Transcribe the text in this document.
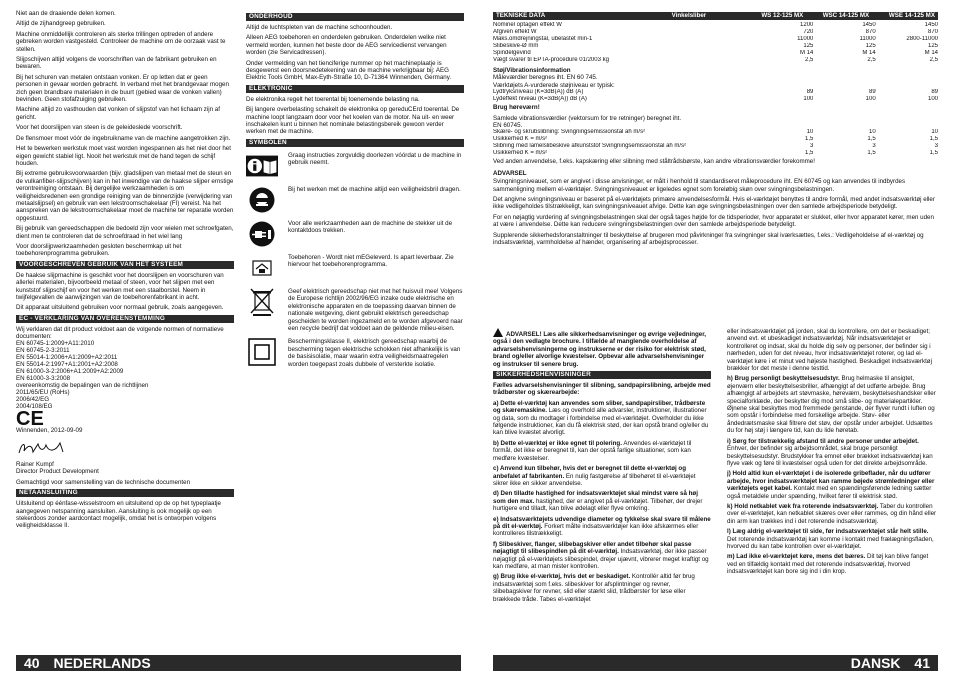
Niet aan de draaiende delen komen.

Altijd de zijhandgreep gebruiken.

Machine onmiddellijk controleren als sterke trillingen optreden of andere gebreken worden vastgesteld. Controleer de machine om de oorzaak vast te stellen.

Slijpschijven altijd volgens de voorschriften van de fabrikant gebruiken en bewaren.

Bij het schuren van metalen ontstaan vonken. Er op letten dat er geen personen in gevaar worden gebracht. In verband met het brandgevaar mogen zich geen brandbare materialen in de buurt (gebied waar de vonken vallen) bevinden. Geen stofafzuiging gebruiken.

Machine altijd zo vasthouden dat vonken of slijpstof van het lichaam zijn af gericht.

Voor het doorslijpen van steen is de geleideslede voorschrift.

De flensmoer moet vóór de ingebruikname van de machine aangetrokken zijn.

Het te bewerken werkstuk moet vast worden ingespannen als het niet door het eigen gewicht stabiel ligt. Nooit het werkstuk met de hand tegen de schijf houden.

Bij extreme gebruiksvoorwaarden (bijv. gladslijpen van metaal met de steun en de vulkanfiber-slijpschijven) kan in het inwendige van de haakse slijper ernstige verontreiniging ontstaan. Bij dergelijke werkzaamheden is om veiligheidsredenen een grondige reiniging van de binnenzijde (verwijdering van metaalslijpsel) en gebruik van een lekstroomschakelaar (FI) vereist. Na het aanspreken van de lekstroomschakelaar moet de machine ter reparatie worden opgestuurd.

Bij gebruik van gereedschappen die bedoeld zijn voor wielen met schroefgaten, dient men te controleren dat de schroefdraad in het wiel lang

Voor doorslijpwerkzaamheden gesloten beschermkap uit het toebehorenprogramma gebruiken.

VOORGESCHREVEN GEBRUIK VAN HET SYSTEEM

De haakse slijpmachine is geschikt voor het doorslijpen en voorschuren van allerlei materialen, bijvoorbeeld metaal of steen, voor het slijpen met een kunststof slijpschijf en voor het werken met een staalborstel. Neem in twijfelgevallen de aanwijzingen van de toebehorenfabrikant in acht.

Dit apparaat uitsluitend gebruiken voor normaal gebruik, zoals aangegeven.

EC - VERKLARING VAN OVEREENSTEMMING
Wij verklaren dat dit product voldoet aan de volgende normen of normatieve documenten:
EN 60745-1:2009+A11:2010
EN 60745-2-3:2011
EN 55014-1:2006+A1:2009+A2:2011
EN 55014-2:1997+A1:2001+A2:2008
EN 61000-3-2:2006+A1:2009+A2:2009
EN 61000-3-3:2008
overeenkomstig de bepalingen van de richtlijnen
2011/65/EU (RoHs)
2006/42/EG
2004/108/EG
CE

Winnenden, 2012-09-09

Rainer Kumpf

Director Product Development

Gemachtigd voor samenstelling van de technische documenten

NETAANSLUITING

Uitsluitend op éénfase-wisselstroom en uitsluitend op de op het typeplaatje aangegeven netspanning aansluiten. Aansluiting is ook mogelijk op een stekerdoos zonder aardcontact mogelijk, omdat het is ontworpen volgens veiligheidsklasse II.

ONDERHOUD

Altijd de luchtspleten van de machine schoonhouden.

Alleen AEG toebehoren en onderdelen gebruiken. Onderdelen welke niet vermeld worden, kunnen het beste door de AEG servicedienst vervangen worden (zie Servicadressen).

Onder vermelding van het tienciferige nummer op het machineplaatje is desgewenst een doorsnedetekening van de machine verkrijgbaar bij: AEG Elektric Tools GmbH, Max-Eyth-Straße 10, D-71364 Winnenden, Germany.

ELEKTRONIC

De elektronika regelt het toerental bij toenemende belasting na.

Bij langere overbelasting schakelt de elektronika op gereduCErd toerental. De machine loopt langzaam door voor het koelen van de motor. Na uit- en weer inschakelen kunt u binnen het nominale belastingsbereik gewoon verder werken met de machine.

SYMBOLEN
Graag instructies zorgvuldig doorlezen vóórdat u de machine in gebruik neemt.
Bij het werken met de machine altijd een veiligheidsbril dragen.
Voor alle werkzaamheden aan de machine de stekker uit de kontaktdoos trekken.
Toebehoren - Wordt niet mEGeleverd. Is apart leverbaar. Zie hiervoor het toebehorenprogramma.
Geef elektrisch gereedschap niet met het huisvuil mee! Volgens de Europese richtlijn 2002/96/EG inzake oude elektrische en elektronische apparaten en de toepassing daarvan binnen de nationale wetgeving, dient gebruikt elektrisch gereedschap gescheiden te worden ingezameld en te worden afgevoerd naar een recycle bedrijf dat voldoet aan de geldende milieu-eisen.
Beschermingsklasse II, elektrisch gereedschap waarbij de bescherming tegen elektrische schokken niet afhankelijk is van de basisisolatie, maar waarin extra veiligheidsmaatregelen worden toegepast zoals dubbele of versterkte isolatie.
40 NEDERLANDS
TEKNISKE DATA	Vinkelsliber	WS 12-125 MX	WSC 14-125 MX	WSE 14-125 MX
Nominel optagen effekt W		1200	1450	1450
Afgiven effekt W		720	870	870
Maks.omdrejningstal, ubelastet min-1		11000	11000	2800-11000
Slibeskive-Ø mm		125	125	125
Spindelgevind		M 14	M 14	M 14
Vægt svarer til EPTA-procedure 01/2003 kg		2,5	2,5	2,5

Støj/Vibrationsinformation

Måleværdier beregnes iht. EN 60 745.
Værktøjets A-vurderede støjniveau er typisk:
Lydtryksniveau (K=3dB(A)) dB (A)		89	89	89
Lydeffekt niveau (K=3dB(A)) dB (A)		100	100	100

Brug høreværn!

Samlede vibrationsværdier (vektorsum for tre retninger) beregnet iht.
EN 60745.
Skære- og skrubslibning: Svingningsemissionstal ah m/s²		10	10	10
Usikkerhed K = m/s²		1,5	1,5	1,5
Slibning med lamelslibeskive afkunststof Svingningsemissionstal ah m/s²		3	3	3
Usikkerhed K = m/s²		1,5	1,5	1,5

Ved anden anvendelse, f.eks. kapskæring eller slibning med ståltrådsbørste, kan andre vibrationsværdier forekomme!

ADVARSEL

Svingningsniveauet, som er angivet i disse anvisninger, er målt i henhold til standardiseret måleprocedure iht. EN 60745 og kan anvendes til indbyrdes sammenligning mellem el-værktøjer. Svingningsniveauet er ligeledes egnet som foreløbig skøn over svingningsbelastningen.

Det angivne svingningsniveau er baseret på el-værktøjets primære anvendelsesformål. Hvis el-værktøjet benyttes til andre formål, med andet indsatsværktøj eller ikke vedligeholdes tilstrækkeligt, kan svingningsniveauet afvige. Dette kan øge svingningsbelastningen over den samlede arbejdsperiode betydeligt.

For en nøjagtig vurdering af svingningsbelastningen skal der også tages højde for de tidsperioder, hvor apparatet er slukket, eller hvor apparatet kører, men uden at være i anvendelse. Dette kan reducere svingningsbelastningen over den samlede arbejdsperiode betydeligt.

Supplerende sikkerhedsforanstaltninger til beskyttelse af brugeren mod påvirkninger fra svingninger skal iværksættes, f.eks.: Vedligeholdelse af el-værktøj og indsatsværktøj, varmholdelse af hænder, organisering af arbejdsprocesser.

ADVARSEL! Læs alle sikkerhedsanvisninger og øvrige vejledninger, også i den vedlagte brochure. I tilfælde af manglende overholdelse af advarselshenvisningerne og instrukserne er der risiko for elektrisk stød, brand og/eller alvorlige kvæstelser. Opbevar alle advarselshenvisninger og instrukser til senere brug.

SIKKERHEDSHENVISNINGER

Fælles advarselshenvisninger til slibning, sandpapirslibning, arbejde med trådbørster og skærearbejde:

a) Dette el-værktøj kan anvendes som sliber, sandpapirsliber, trådbørste og skæremaskine. Læs og overhold alle advarsler, instruktioner, illustrationer og data, som du modtager i forbindelse med el-værktøjet. Overholder du ikke følgende instruktioner, kan du få elektrisk stød, der kan opstå brand og/eller du kan blive kvæstet alvorligt.

b) Dette el-værktøj er ikke egnet til polering. Anvendes el-værktøjet til formål, det ikke er beregnet til, kan der opstå farlige situationer, som kan medføre kvæstelser.

c) Anvend kun tilbehør, hvis det er beregnet til dette el-værktøj og anbefalet af fabrikanten. En nulig fastgørelse af tilbehøret til el-værktøjet sikrer ikke en sikker anvendelse.

d) Den tilladte hastighed for indsatsværktøjet skal mindst være så høj som den max. hastighed, der er angivet på el-værktøjet. Tilbehør, der drejer hurtigere end tilladt, kan blive ødelagt eller flyve omkring.

e) Indsatsværktøjets udvendige diameter og tykkelse skal svare til målene på dit el-værktøj. Forkert målte indsatsværktøjer kan ikke afskærmes eller kontrolleres tilstrækkeligt.

f) Slibeskiver, flanger, slibebagskiver eller andet tilbehør skal passe nøjagtigt til slibespindlen på dit el-værktøj. Indsatsværktøj, der ikke passer nøjagtigt på el-værktøjets slibespindel, drejer ujævnt, vibrerer meget kraftigt og kan medføre, at man mister kontrollen.

g) Brug ikke el-værktøj, hvis det er beskadiget. Kontrollér altid før brug indsatsværktøj som f.eks. slibeskiver for afsplintninger og revner, slibebagskiver for revner, slid eller stærkt slid, trådbørster for løse eller brækkede tråde. Tabes el-værktøjet

eller indsatsværktøjet på jorden, skal du kontrollere, om det er beskadiget; anvend evt. et ubeskadiget indsatsværktøj. Når indsatsværktøjet er kontrolleret og indsat, skal du holde dig selv og personer, der befinder sig i nærheden, uden for det niveau, hvor indsatsværktøjet roterer, og lad el-værktøjet køre i et minut ved højeste hastighed. Beskadiget indsatsværktøj brækker for det meste i denne testtid.

h) Brug personligt beskyttelsesudstyr. Brug helmaske til ansigtet, øjenværn eller beskyttelsesbriller, afhængigt af det udførte arbejde. Brug afhængigt af arbejdets art støvmaske, høreværn, beskyttelseshandsker eller specialforklæde, der beskytter dig mod små slibe- og materialepartikler. Øjnene skal beskyttes mod fremmede genstande, der flyver rundt i luften og som opstår i forbindelse med forskellige arbejde. Støv- eller åndedrætsmaske skal filtrere det støv, der opstår under arbejdet. Udsættes du for høj støj i længere tid, kan du lide høretab.

i) Sørg for tilstrækkelig afstand til andre personer under arbejdet. Enhver, der befinder sig arbejdsområdet, skal bruge personligt beskyttelsesudstyr. Brudstykker fra emnet eller brækket indsatsværktøj kan flyve væk og føre til kvæstelser også uden for det direkte arbejdsområde.

j) Hold altid kun el-værktøjet i de isolerede gribeflader, når du udfører arbejde, hvor indsatsværktøjet kan ramme bøjede strømledninger eller værktøjets eget kabel. Kontakt med en spændingsførende ledning sætter også metaldele under spænding, hvilket fører til elektrisk stød.

k) Hold netkablet væk fra roterende indsatsværktøj. Taber du kontrollen over el-værktøjet, kan netkablet skæres over eller rammes, og din hånd eller din arm kan trækkes ind i det roterende indsatsværktøj.

l) Læg aldrig el-værktøjet til side, før indsatsværktøjet står helt stille. Det roterende indsatsværktøj kan komme i kontakt med frælægningsfladen, hvorved du kan tabe kontrollen over el-værktøjet.

m) Lad ikke el-værktøjet køre, mens det bæres. Dit tøj kan blive fanget ved en tilfældig kontakt med det roterende indsatsværktøj, hvorved indsatsværktøjet kan bore sig ind i din krop.

DANSK 41
